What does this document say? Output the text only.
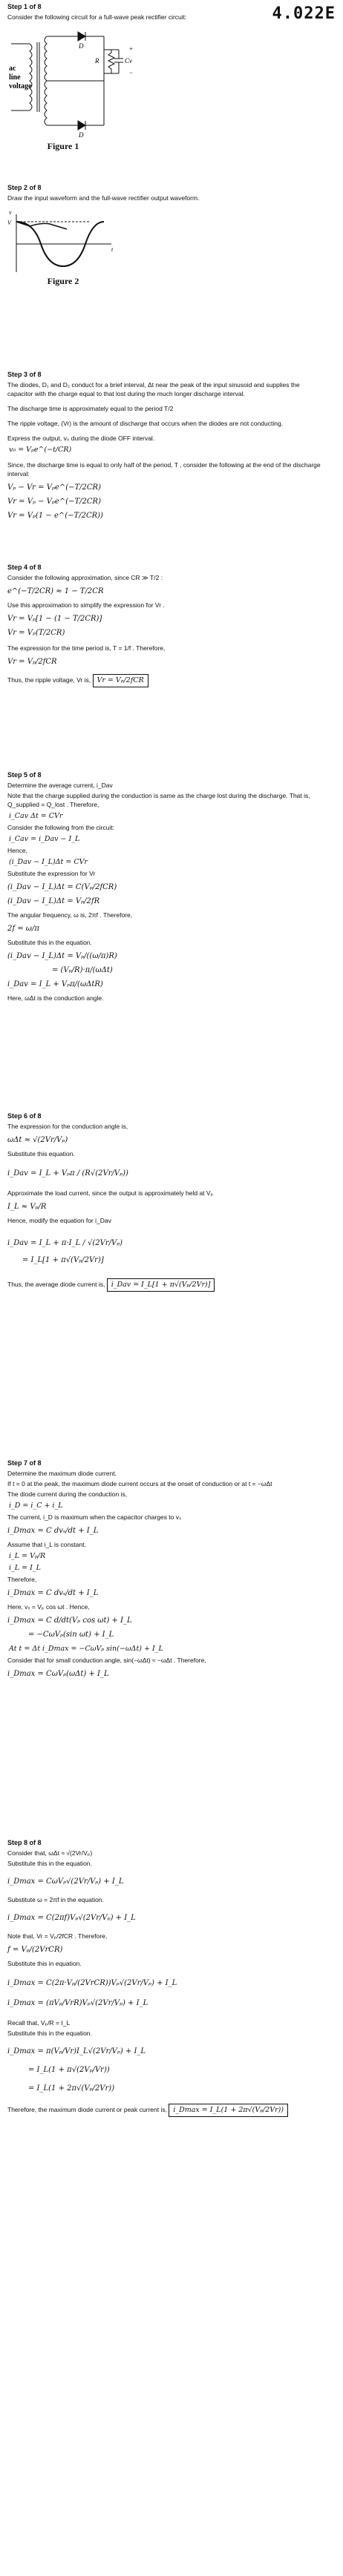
4.022E
Step 1 of 8
Consider the following circuit for a full-wave peak rectifier circuit:
ac
line
voltage
D
D
R	C
+
v
−
Figure 1
Step 2 of 8
Draw the input waveform and the full-wave rectifier output waveform.
v
V
t
Figure 2
Step 3 of 8
The diodes, D₁ and D₂ conduct for a brief interval, Δt near the peak of the input sinusoid and supplies the capacitor with the charge equal to that lost during the much longer discharge interval.
The discharge time is approximately equal to the period T/2
The ripple voltage, (Vr) is the amount of discharge that occurs when the diodes are not conducting.
Express the output, v₀ during the diode OFF interval.
v₀ = Vₚe^(−t/CR)
Since, the discharge time is equal to only half of the period, T , consider the following at the end of the discharge interval:
Vₚ − Vr = Vₚe^(−T/2CR)
Vr = Vₚ − Vₚe^(−T/2CR)
Vr = Vₚ(1 − e^(−T/2CR))
Step 4 of 8
Consider the following approximation, since CR ≫ T/2 :
e^(−T/2CR) ≈ 1 − T/2CR
Use this approximation to simplify the expression for Vr .
Vr = Vₚ[1 − (1 − T/2CR)]
Vr = Vₚ(T/2CR)
The expression for the time period is, T = 1/f . Therefore,
Vr = Vₚ/2fCR
Thus, the ripple voltage, Vr is, Vr = Vₚ/2fCR
Step 5 of 8
Determine the average current, i_Dav
Note that the charge supplied during the conduction is same as the charge lost during the discharge. That is, Q_supplied = Q_lost . Therefore,
i_Cav Δt = CVr
Consider the following from the circuit:
i_Cav = i_Dav − I_L
Hence,
(i_Dav − I_L)Δt = CVr
Substitute the expression for Vr
(i_Dav − I_L)Δt = C(Vₚ/2fCR)
(i_Dav − I_L)Δt = Vₚ/2fR
The angular frequency, ω is, 2πf . Therefore,
2f = ω/π
Substitute this in the equation.
(i_Dav − I_L)Δt = Vₚ/((ω/π)R)
= (Vₚ/R)·π/(ωΔt)
i_Dav = I_L + Vₚπ/(ωΔtR)
Here, ωΔt is the conduction angle.
Step 6 of 8
The expression for the conduction angle is,
ωΔt ≈ √(2Vr/Vₚ)
Substitute this equation.
i_Dav = I_L + Vₚπ / (R√(2Vr/Vₚ))
Approximate the load current, since the output is approximately held at Vₚ
I_L ≈ Vₚ/R
Hence, modify the equation for i_Dav
i_Dav = I_L + π·I_L / √(2Vr/Vₚ)
= I_L[1 + π√(Vₚ/2Vr)]
Thus, the average diode current is, i_Dav = I_L[1 + π√(Vₚ/2Vr)]
Step 7 of 8
Determine the maximum diode current.
If t = 0 at the peak, the maximum diode current occurs at the onset of conduction or at t = −ωΔt
The diode current during the conduction is,
i_D = i_C + i_L
The current, i_D is maximum when the capacitor charges to vₛ
i_Dmax = C dvₛ/dt + I_L
Assume that i_L is constant.
i_L = Vₚ/R
i_L = I_L
Therefore,
i_Dmax = C dvₛ/dt + I_L
Here, vₛ = Vₚ cos ωt . Hence,
i_Dmax = C d/dt(Vₚ cos ωt) + I_L
= −CωVₚ(sin ωt) + I_L
At t = Δt i_Dmax = −CωVₚ sin(−ωΔt) + I_L
Consider that for small conduction angle, sin(−ωΔt) ≈ −ωΔt . Therefore,
i_Dmax = CωVₚ(ωΔt) + I_L
Step 8 of 8
Consider that, ωΔt ≈ √(2Vr/Vₚ)
Substitute this in the equation.
i_Dmax = CωVₚ√(2Vr/Vₚ) + I_L
Substitute ω = 2πf in the equation.
i_Dmax = C(2πf)Vₚ√(2Vr/Vₚ) + I_L
Note that, Vr = Vₚ/2fCR . Therefore,
f = Vₚ/(2VrCR)
Substitute this in equation.
i_Dmax = C(2π·Vₚ/(2VrCR))Vₚ√(2Vr/Vₚ) + I_L
i_Dmax = (πVₚ/VrR)Vₚ√(2Vr/Vₚ) + I_L
Recall that, Vₚ/R = I_L
Substitute this in the equation.
i_Dmax = π(Vₚ/Vr)I_L√(2Vr/Vₚ) + I_L
= I_L(1 + π√(2Vₚ/Vr))
= I_L(1 + 2π√(Vₚ/2Vr))
Therefore, the maximum diode current or peak current is, i_Dmax = I_L(1 + 2π√(Vₚ/2Vr))
